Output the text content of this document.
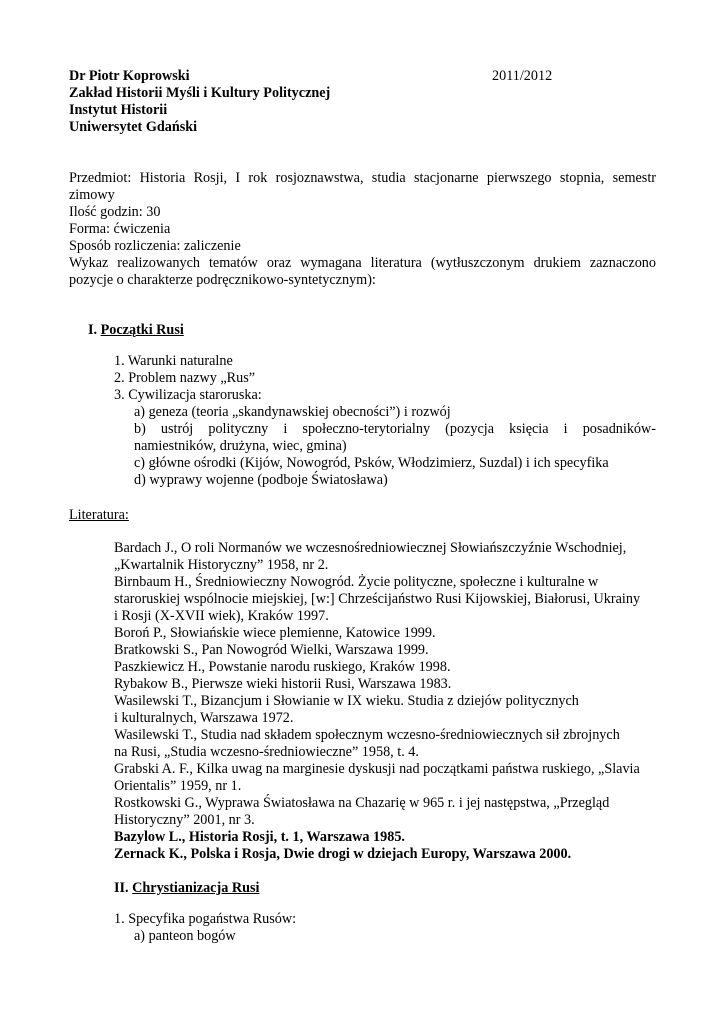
Dr Piotr Koprowski	2011/2012
Zakład Historii Myśli i Kultury Politycznej
Instytut Historii
Uniwersytet Gdański
Przedmiot: Historia Rosji, I rok rosjoznawstwa, studia stacjonarne pierwszego stopnia, semestr
zimowy
Ilość godzin: 30
Forma: ćwiczenia
Sposób rozliczenia: zaliczenie
Wykaz realizowanych tematów oraz wymagana literatura (wytłuszczonym drukiem zaznaczono
pozycje o charakterze podręcznikowo-syntetycznym):
I. Początki Rusi
1. Warunki naturalne
2. Problem nazwy „Rus”
3. Cywilizacja staroruska:
a) geneza (teoria „skandynawskiej obecności”) i rozwój
b) ustrój polityczny i społeczno-terytorialny (pozycja księcia i posadników-
namiestników, drużyna, wiec, gmina)
c) główne ośrodki (Kijów, Nowogród, Psków, Włodzimierz, Suzdal) i ich specyfika
d) wyprawy wojenne (podboje Światosława)
Literatura:
Bardach J., O roli Normanów we wczesnośredniowiecznej Słowiańszczyźnie Wschodniej,
„Kwartalnik Historyczny” 1958, nr 2.
Birnbaum H., Średniowieczny Nowogród. Życie polityczne, społeczne i kulturalne w
staroruskiej wspólnocie miejskiej, [w:] Chrześcijaństwo Rusi Kijowskiej, Białorusi, Ukrainy
i Rosji (X-XVII wiek), Kraków 1997.
Boroń P., Słowiańskie wiece plemienne, Katowice 1999.
Bratkowski S., Pan Nowogród Wielki, Warszawa 1999.
Paszkiewicz H., Powstanie narodu ruskiego, Kraków 1998.
Rybakow B., Pierwsze wieki historii Rusi, Warszawa 1983.
Wasilewski T., Bizancjum i Słowianie w IX wieku. Studia z dziejów politycznych
i kulturalnych, Warszawa 1972.
Wasilewski T., Studia nad składem społecznym wczesno-średniowiecznych sił zbrojnych
na Rusi, „Studia wczesno-średniowieczne” 1958, t. 4.
Grabski A. F., Kilka uwag na marginesie dyskusji nad początkami państwa ruskiego, „Slavia
Orientalis” 1959, nr 1.
Rostkowski G., Wyprawa Światosława na Chazarię w 965 r. i jej następstwa, „Przegląd
Historyczny” 2001, nr 3.
Bazylow L., Historia Rosji, t. 1, Warszawa 1985.
Zernack K., Polska i Rosja, Dwie drogi w dziejach Europy, Warszawa 2000.
II. Chrystianizacja Rusi
1. Specyfika pogaństwa Rusów:
a) panteon bogów
